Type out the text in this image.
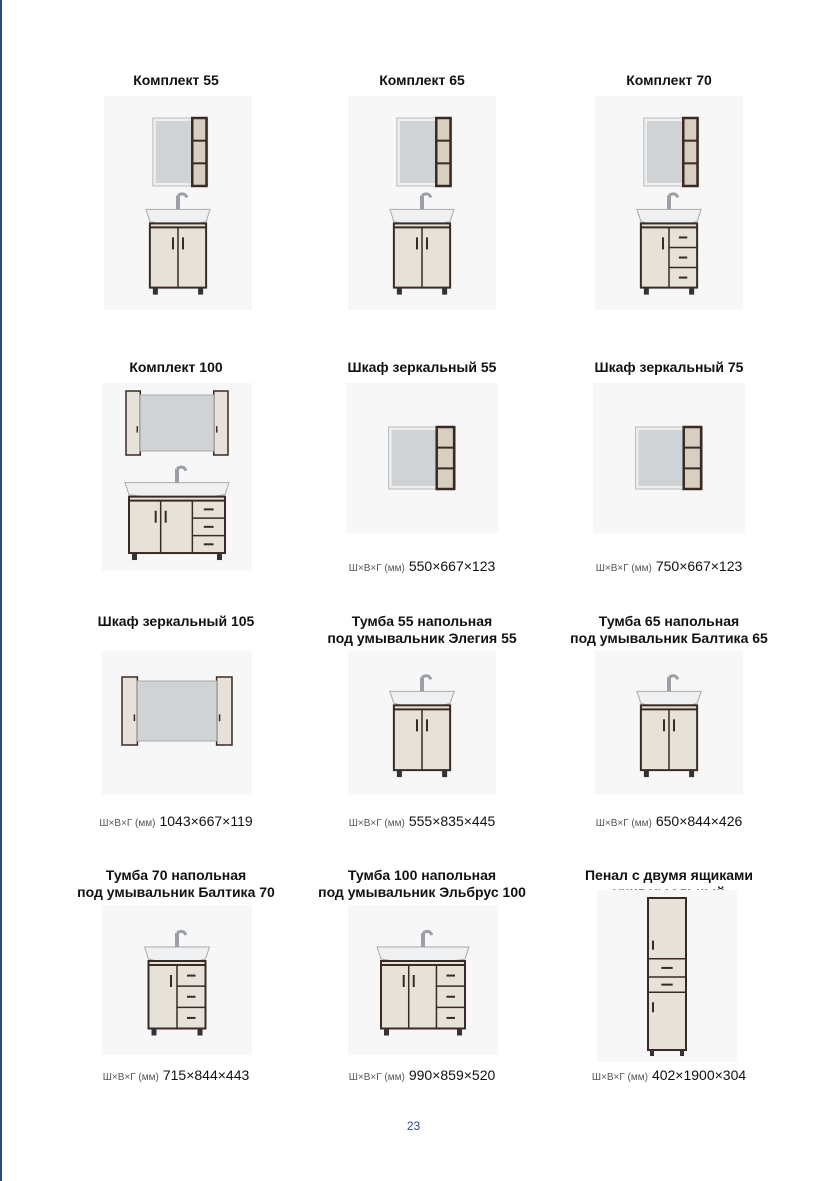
Комплект 55	Комплект 65	Комплект 70
Комплект 100	Шкаф зеркальный 55
Ш×В×Г (мм) 550×667×123
Шкаф зеркальный 75
Ш×В×Г (мм) 750×667×123
Шкаф зеркальный 105
Ш×В×Г (мм) 1043×667×119
Тумба 55 напольная
под умывальник Элегия 55
Ш×В×Г (мм) 555×835×445
Тумба 65 напольная
под умывальник Балтика 65
Ш×В×Г (мм) 650×844×426
Тумба 70 напольная
под умывальник Балтика 70
Ш×В×Г (мм) 715×844×443
Тумба 100 напольная
под умывальник Эльбрус 100
Ш×В×Г (мм) 990×859×520
Пенал с двумя ящиками
Ш×В×Г (мм) 402×1900×304
23
